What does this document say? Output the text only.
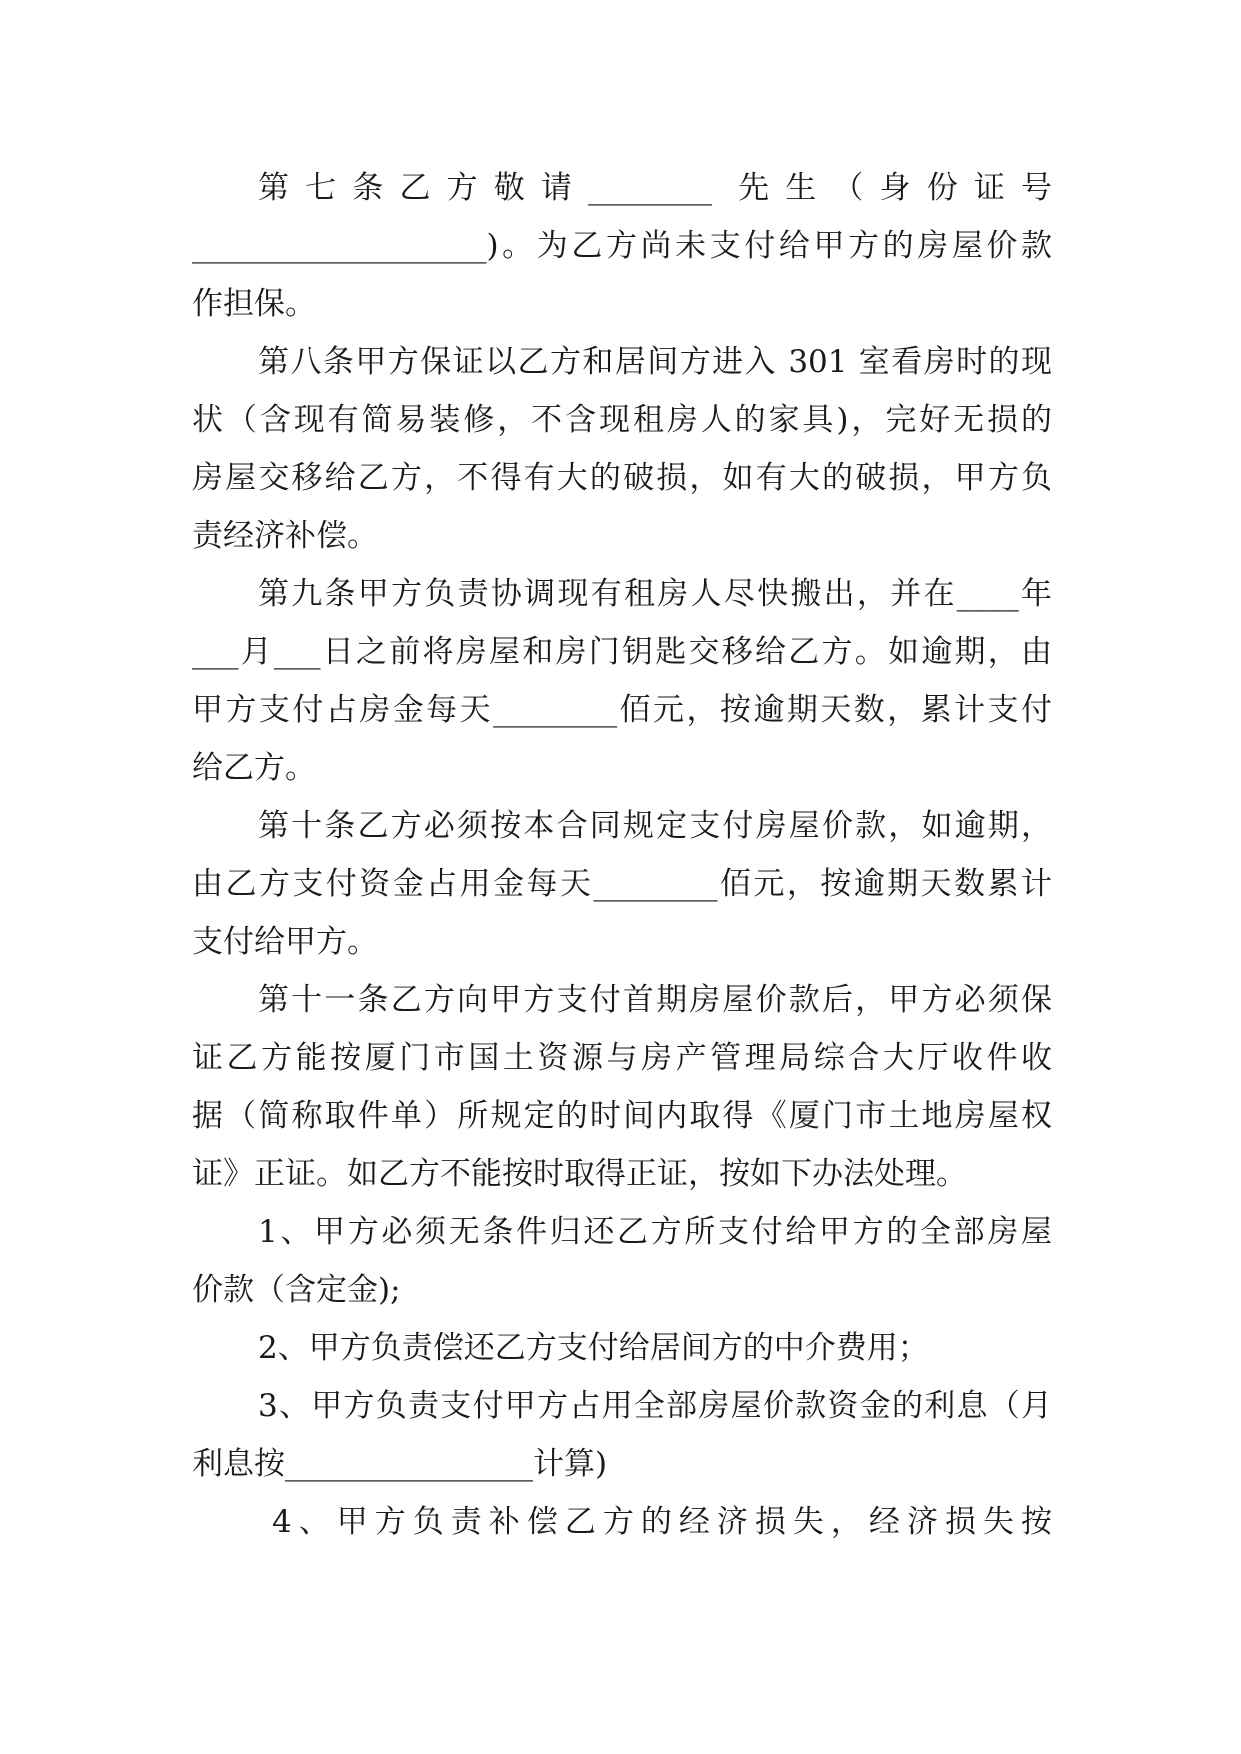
第七条乙方敬请________ 先生（身份证号
___________________)。为乙方尚未支付给甲方的房屋价款
作担保。
第八条甲方保证以乙方和居间方进入 301 室看房时的现
状（含现有简易装修，不含现租房人的家具)，完好无损的
房屋交移给乙方，不得有大的破损，如有大的破损，甲方负
责经济补偿。
第九条甲方负责协调现有租房人尽快搬出，并在____年
___月___日之前将房屋和房门钥匙交移给乙方。如逾期，由
甲方支付占房金每天________佰元，按逾期天数，累计支付
给乙方。
第十条乙方必须按本合同规定支付房屋价款，如逾期，
由乙方支付资金占用金每天________佰元，按逾期天数累计
支付给甲方。
第十一条乙方向甲方支付首期房屋价款后，甲方必须保
证乙方能按厦门市国土资源与房产管理局综合大厅收件收
据（简称取件单）所规定的时间内取得《厦门市土地房屋权
证》正证。如乙方不能按时取得正证，按如下办法处理。
1、甲方必须无条件归还乙方所支付给甲方的全部房屋
价款（含定金);
2、甲方负责偿还乙方支付给居间方的中介费用；
3、甲方负责支付甲方占用全部房屋价款资金的利息（月
利息按________________计算)
4、甲方负责补偿乙方的经济损失，经济损失按
